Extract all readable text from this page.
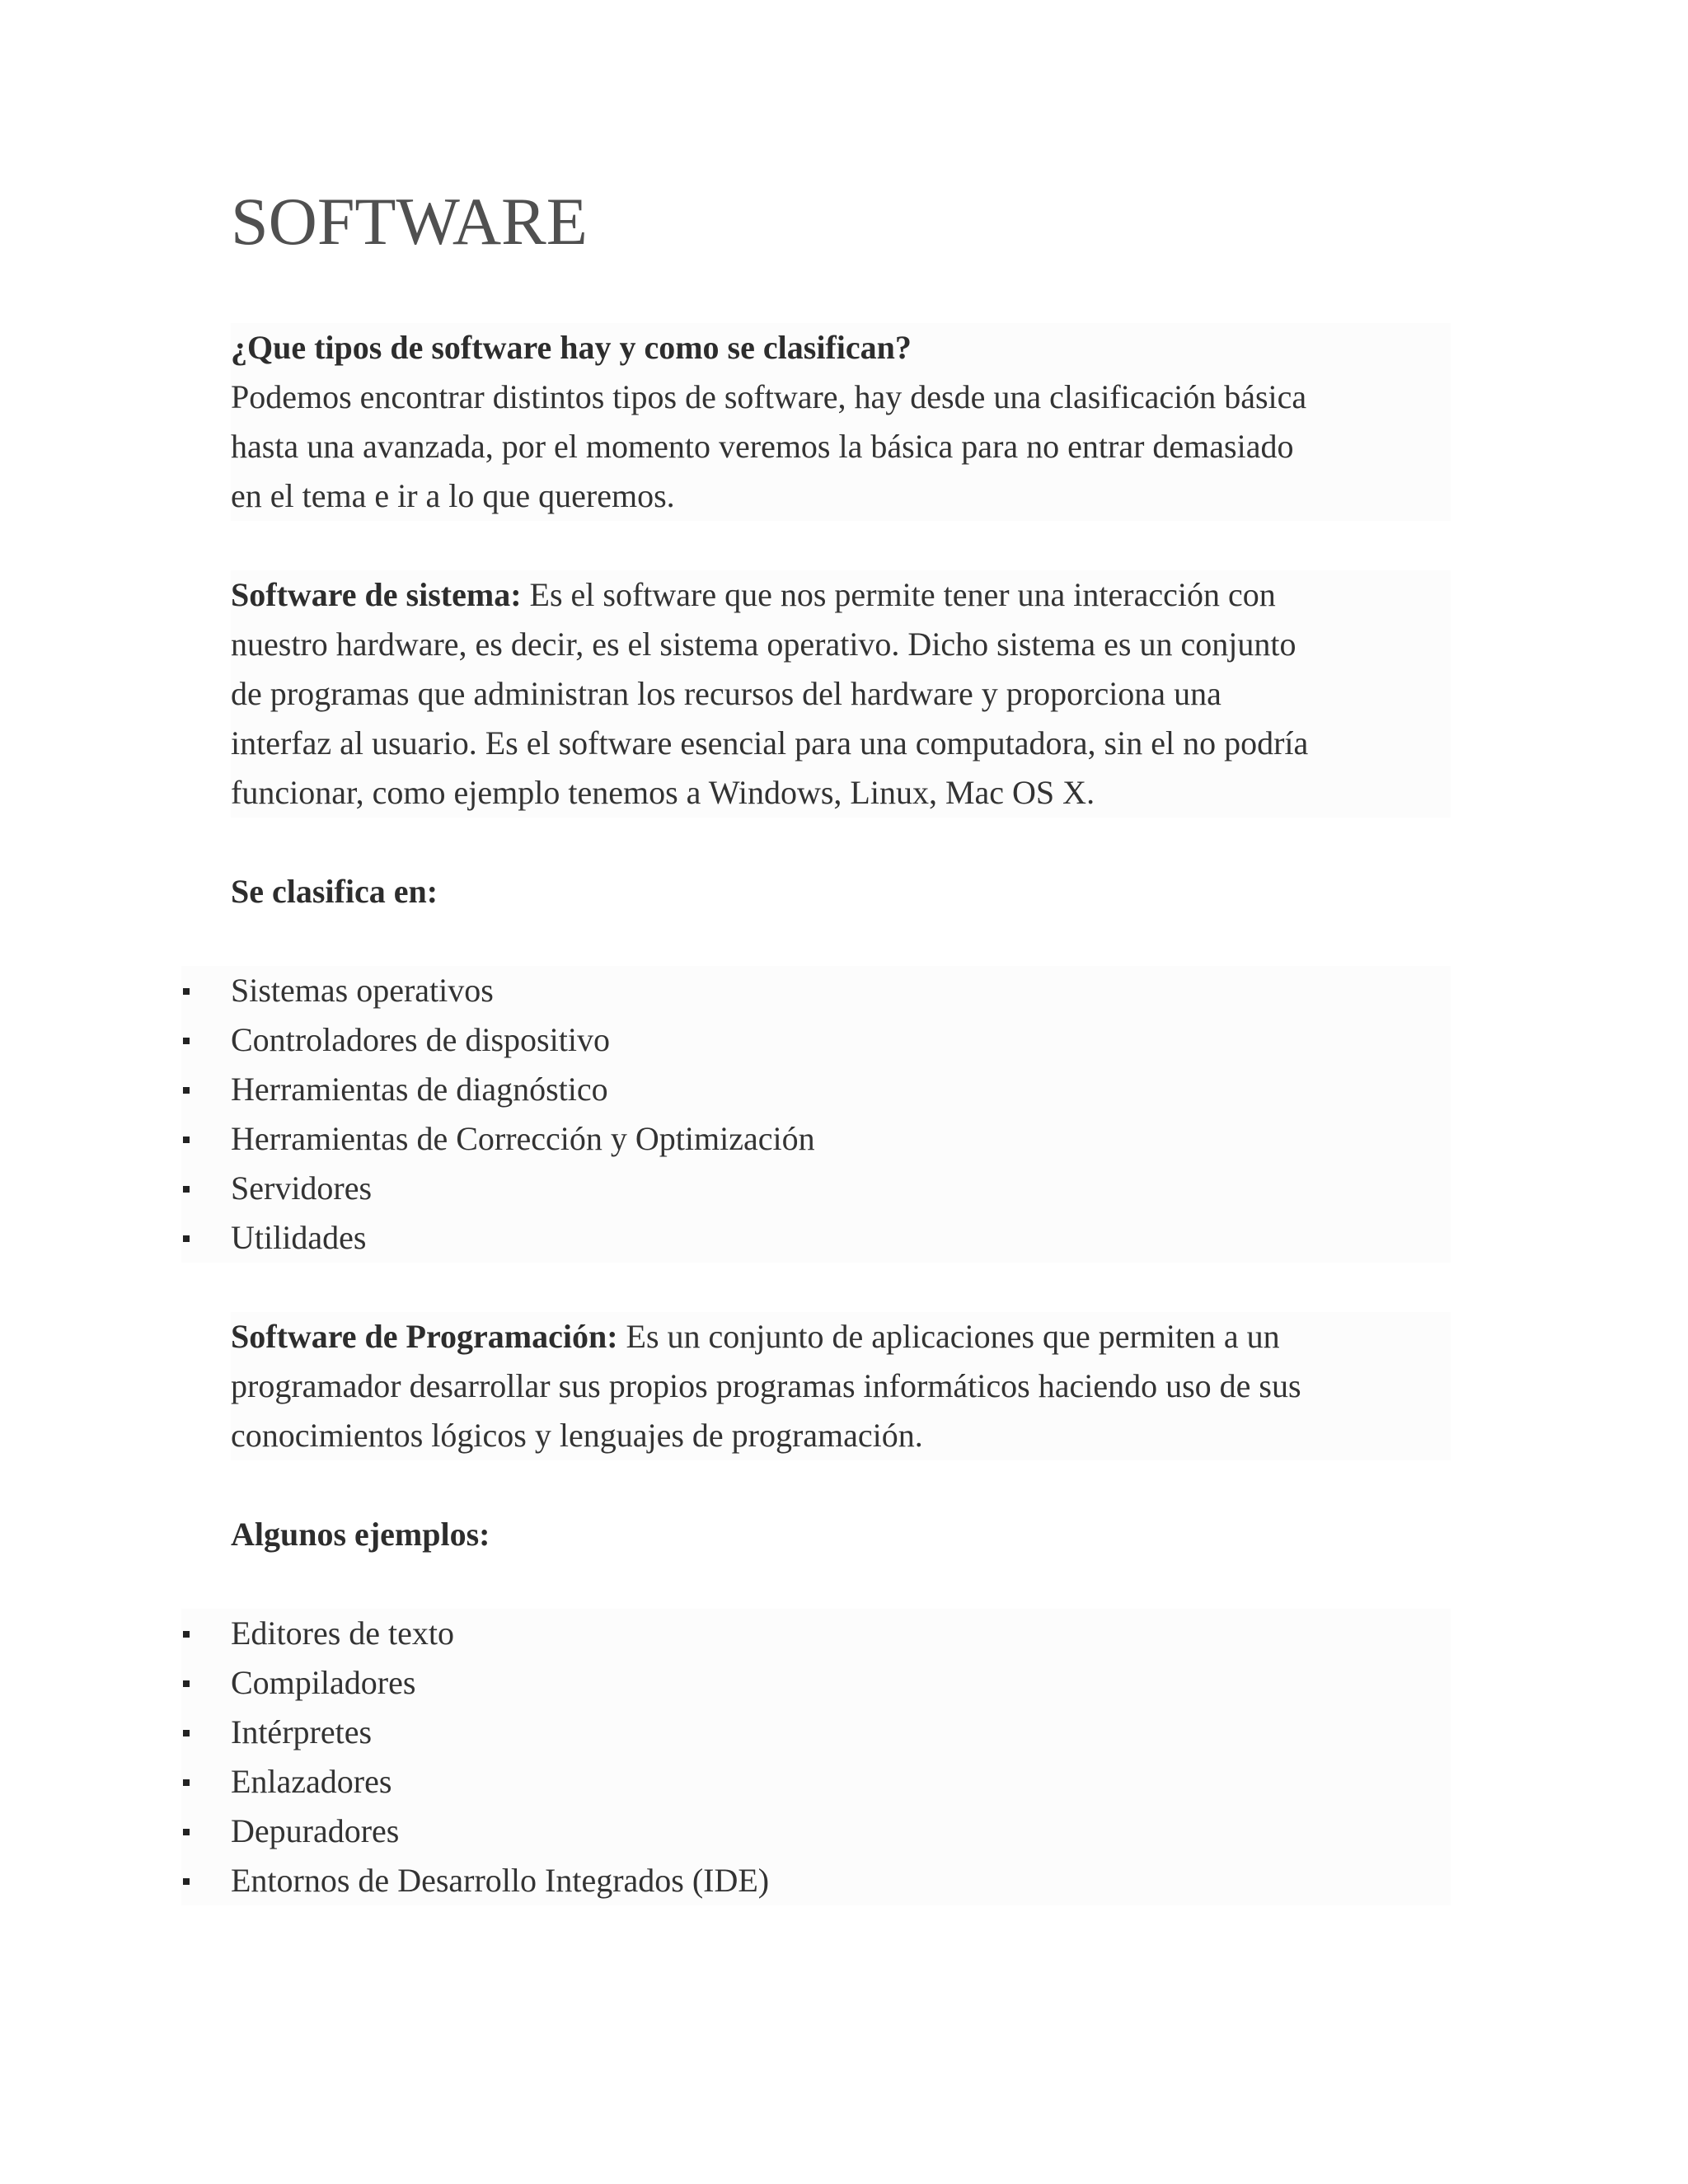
SOFTWARE

¿Que tipos de software hay y como se clasifican?

Podemos encontrar distintos tipos de software, hay desde una clasificación básica

hasta una avanzada, por el momento veremos la básica para no entrar demasiado

en el tema e ir a lo que queremos.

Software de sistema: Es el software que nos permite tener una interacción con

nuestro hardware, es decir, es el sistema operativo. Dicho sistema es un conjunto

de programas que administran los recursos del hardware y proporciona una

interfaz al usuario. Es el software esencial para una computadora, sin el no podría

funcionar, como ejemplo tenemos a Windows, Linux, Mac OS X.

Se clasifica en:

Sistemas operativos
Controladores de dispositivo
Herramientas de diagnóstico
Herramientas de Corrección y Optimización
Servidores
Utilidades

Software de Programación: Es un conjunto de aplicaciones que permiten a un

programador desarrollar sus propios programas informáticos haciendo uso de sus

conocimientos lógicos y lenguajes de programación.

Algunos ejemplos:

Editores de texto
Compiladores
Intérpretes
Enlazadores
Depuradores
Entornos de Desarrollo Integrados (IDE)
